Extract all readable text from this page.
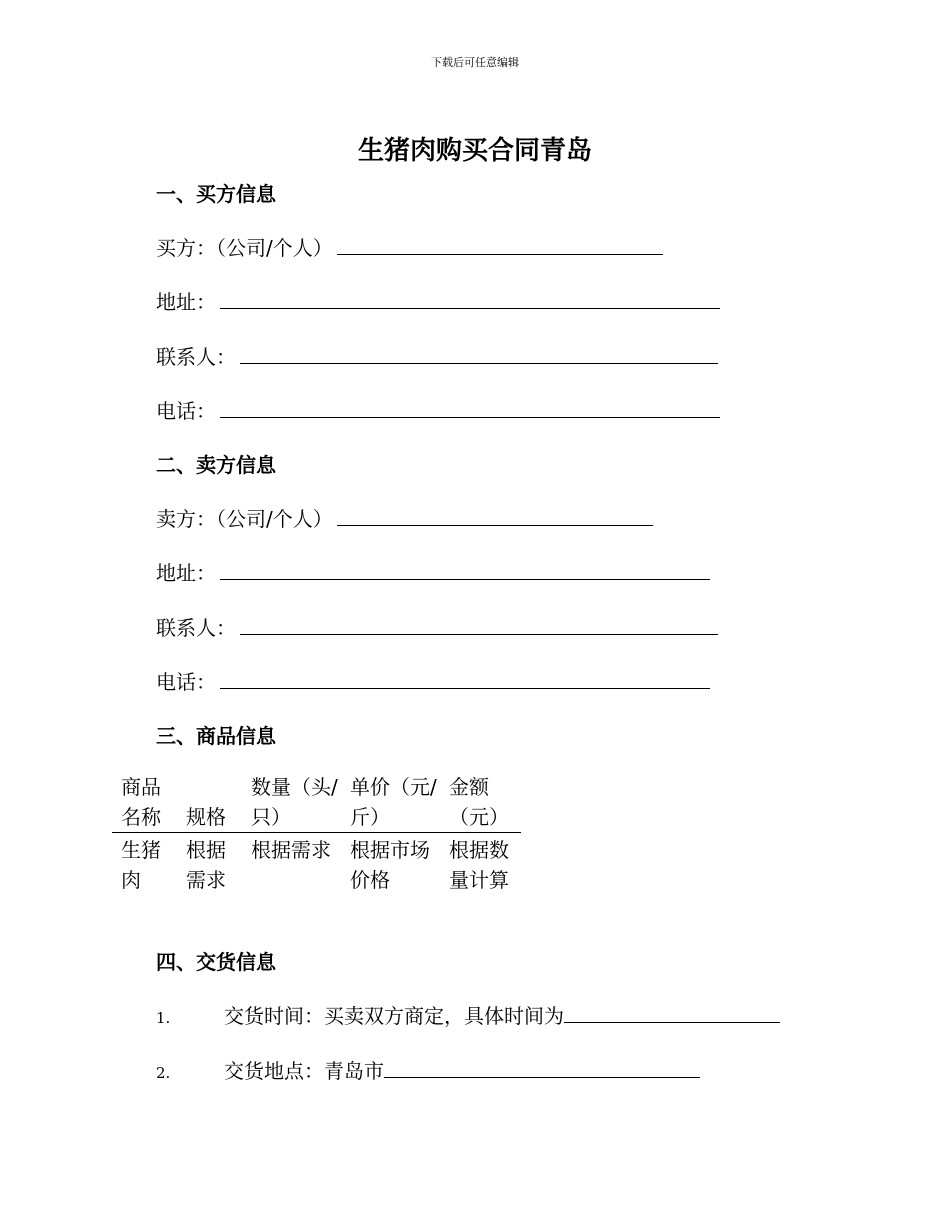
下载后可任意编辑
生猪肉购买合同青岛
一、买方信息
买方：（公司/个人）
地址：
联系人：
电话：
二、卖方信息
卖方：（公司/个人）
地址：
联系人：
电话：
三、商品信息
商品名称	规格	数量（头/只）	单价（元/斤）	金额（元）
生猪肉	根据需求	根据需求	根据市场价格	根据数量计算
四、交货信息
1.	交货时间：买卖双方商定，具体时间为
2.	交货地点：青岛市
